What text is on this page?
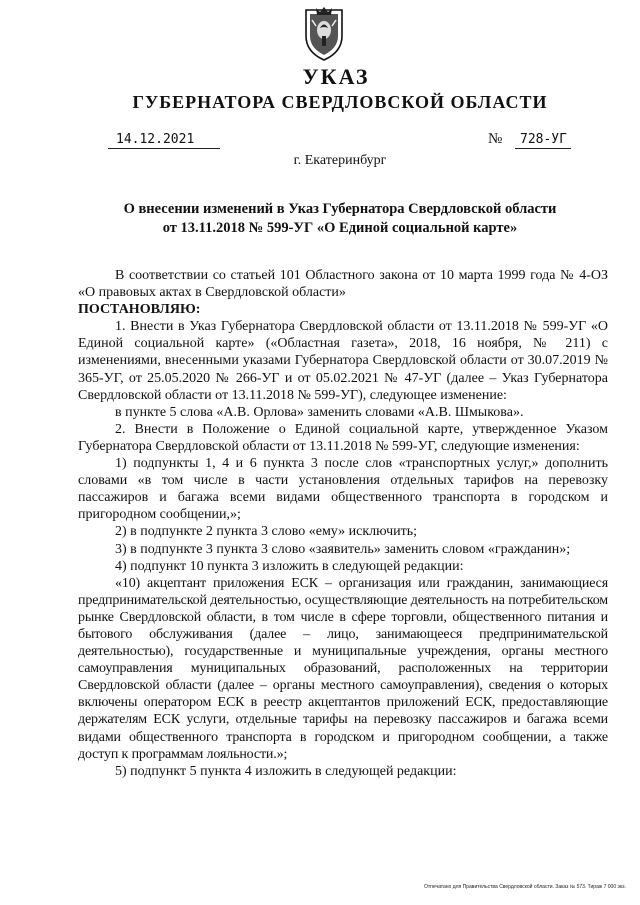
УКАЗ
ГУБЕРНАТОРА СВЕРДЛОВСКОЙ ОБЛАСТИ
14.12.2021	№ 728-УГ
г. Екатеринбург
О внесении изменений в Указ Губернатора Свердловской области
от 13.11.2018 № 599-УГ «О Единой социальной карте»

В соответствии со статьей 101 Областного закона от 10 марта 1999 года № 4-ОЗ «О правовых актах в Свердловской области»

ПОСТАНОВЛЯЮ:

1. Внести в Указ Губернатора Свердловской области от 13.11.2018 № 599-УГ «О Единой социальной карте» («Областная газета», 2018, 16 ноября, № 211) с изменениями, внесенными указами Губернатора Свердловской области от 30.07.2019 № 365-УГ, от 25.05.2020 № 266-УГ и от 05.02.2021 № 47-УГ (далее – Указ Губернатора Свердловской области от 13.11.2018 № 599-УГ), следующее изменение:

в пункте 5 слова «А.В. Орлова» заменить словами «А.В. Шмыкова».

2. Внести в Положение о Единой социальной карте, утвержденное Указом Губернатора Свердловской области от 13.11.2018 № 599-УГ, следующие изменения:

1) подпункты 1, 4 и 6 пункта 3 после слов «транспортных услуг,» дополнить словами «в том числе в части установления отдельных тарифов на перевозку пассажиров и багажа всеми видами общественного транспорта в городском и пригородном сообщении,»;

2) в подпункте 2 пункта 3 слово «ему» исключить;

3) в подпункте 3 пункта 3 слово «заявитель» заменить словом «гражданин»;

4) подпункт 10 пункта 3 изложить в следующей редакции:

«10) акцептант приложения ЕСК – организация или гражданин, занимающиеся предпринимательской деятельностью, осуществляющие деятельность на потребительском рынке Свердловской области, в том числе в сфере торговли, общественного питания и бытового обслуживания (далее – лицо, занимающееся предпринимательской деятельностью), государственные и муниципальные учреждения, органы местного самоуправления муниципальных образований, расположенных на территории Свердловской области (далее – органы местного самоуправления), сведения о которых включены оператором ЕСК в реестр акцептантов приложений ЕСК, предоставляющие держателям ЕСК услуги, отдельные тарифы на перевозку пассажиров и багажа всеми видами общественного транспорта в городском и пригородном сообщении, а также доступ к программам лояльности.»;

5) подпункт 5 пункта 4 изложить в следующей редакции:

Отпечатано для Правительства Свердловской области. Заказ № 573. Тираж 7 000 экз.
